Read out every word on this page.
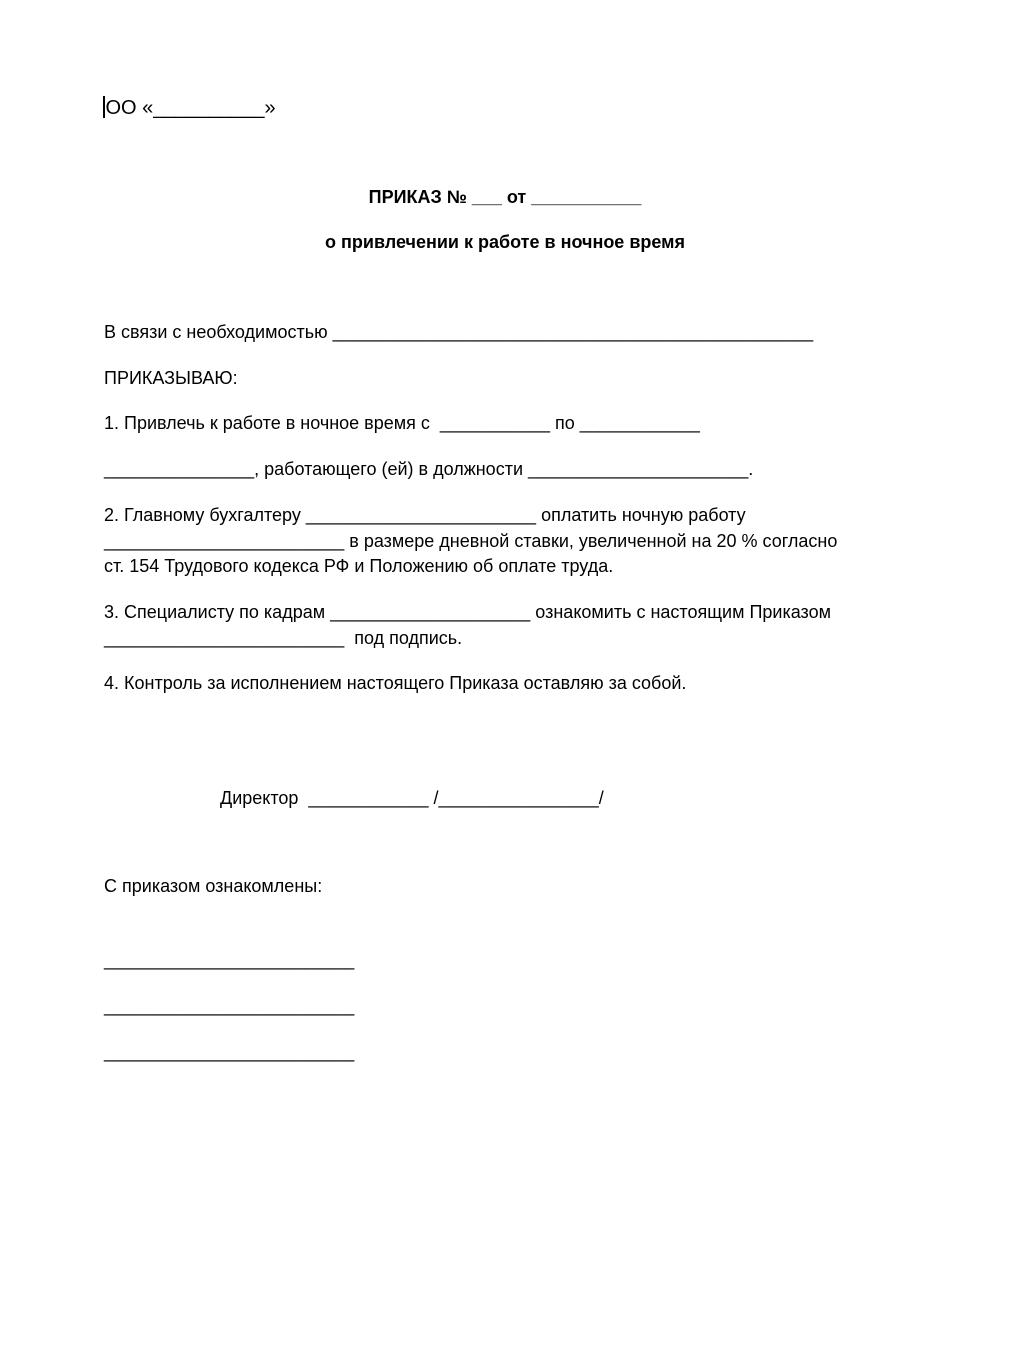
ОО «__________»
ПРИКАЗ № ___ от ___________
о привлечении к работе в ночное время
В связи с необходимостью ________________________________________________
ПРИКАЗЫВАЮ:
1. Привлечь к работе в ночное время с  ___________ по ____________
_______________, работающего (ей) в должности ______________________.
2. Главному бухгалтеру _______________________ оплатить ночную работу
________________________ в размере дневной ставки, увеличенной на 20 % согласно
ст. 154 Трудового кодекса РФ и Положению об оплате труда.
3. Специалисту по кадрам ____________________ ознакомить с настоящим Приказом
________________________  под подпись.
4. Контроль за исполнением настоящего Приказа оставляю за собой.
Директор  ____________ /________________/
С приказом ознакомлены:
_________________________
_________________________
_________________________
